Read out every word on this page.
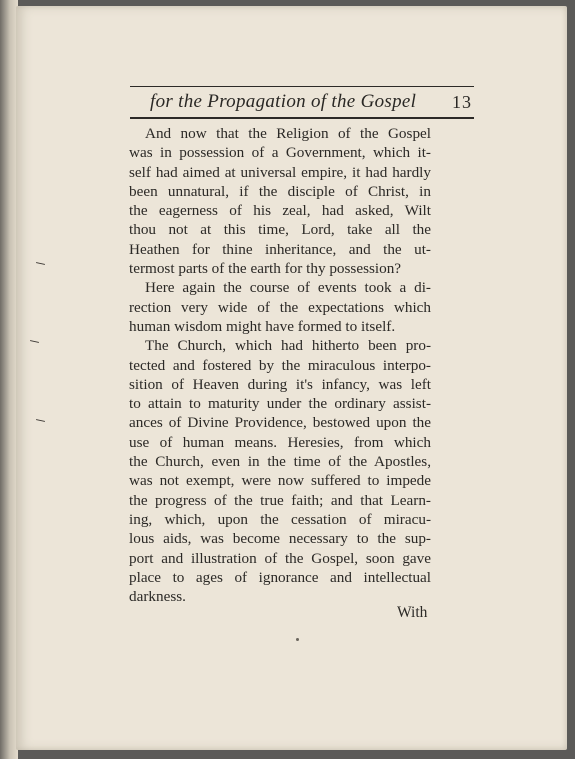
for the Propagation of the Gospel 13
And now that the Religion of the Gospel
was in possession of a Government, which it-
self had aimed at universal empire, it had hardly
been unnatural, if the disciple of Christ, in
the eagerness of his zeal, had asked, Wilt
thou not at this time, Lord, take all the
Heathen for thine inheritance, and the ut-
termost parts of the earth for thy possession?
Here again the course of events took a di-
rection very wide of the expectations which
human wisdom might have formed to itself.
The Church, which had hitherto been pro-
tected and fostered by the miraculous interpo-
sition of Heaven during it's infancy, was left
to attain to maturity under the ordinary assist-
ances of Divine Providence, bestowed upon the
use of human means. Heresies, from which
the Church, even in the time of the Apostles,
was not exempt, were now suffered to impede
the progress of the true faith; and that Learn-
ing, which, upon the cessation of miracu-
lous aids, was become necessary to the sup-
port and illustration of the Gospel, soon gave
place to ages of ignorance and intellectual
darkness.
With
